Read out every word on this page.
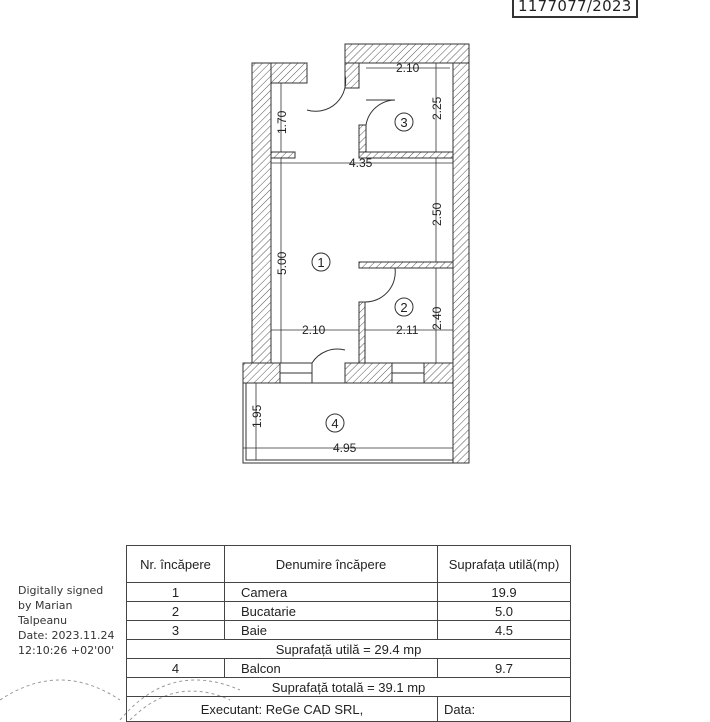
1177077/2023
2.10
2.25
1.70
4.35
2.50
5.00
2.40
2.10	2.11
1.95
4.95
1
2
3
4
Digitally signed
by Marian
Talpeanu
Date: 2023.11.24
12:10:26 +02'00'
Nr. încăpere	Denumire încăpere	Suprafața utilă(mp)
1	Camera	19.9
2	Bucatarie	5.0
3	Baie	4.5
Suprafață utilă = 29.4 mp		
4	Balcon	9.7
Suprafață totală = 39.1 mp		
Executant: ReGe CAD SRL,		Data:
